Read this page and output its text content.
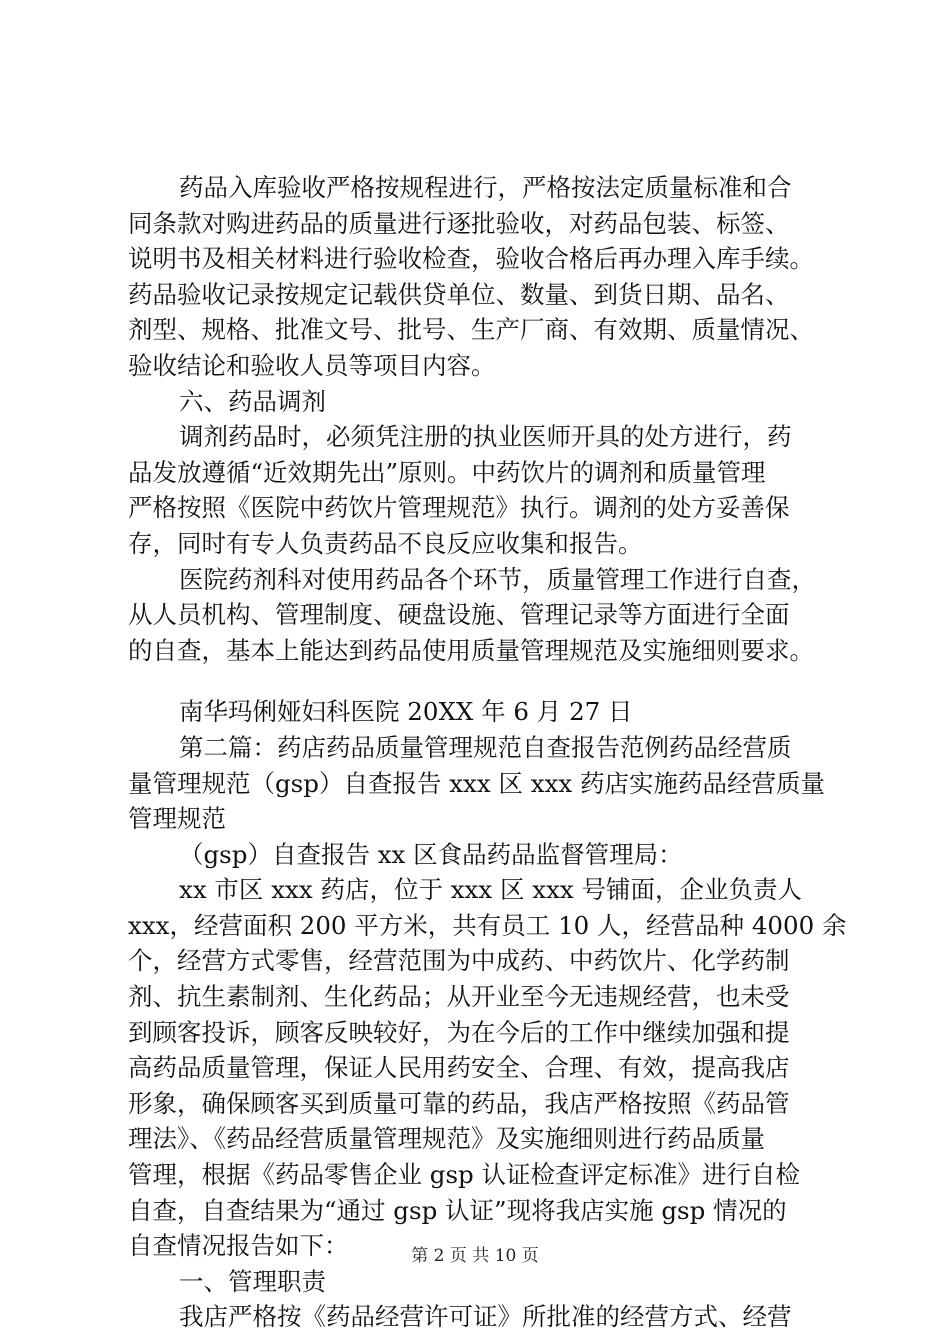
药品入库验收严格按规程进行，严格按法定质量标准和合
同条款对购进药品的质量进行逐批验收，对药品包装、标签、
说明书及相关材料进行验收检查，验收合格后再办理入库手续。
药品验收记录按规定记载供贷单位、数量、到货日期、品名、
剂型、规格、批准文号、批号、生产厂商、有效期、质量情况、
验收结论和验收人员等项目内容。
六、药品调剂
调剂药品时，必须凭注册的执业医师开具的处方进行，药
品发放遵循“近效期先出”原则。中药饮片的调剂和质量管理
严格按照《医院中药饮片管理规范》执行。调剂的处方妥善保
存，同时有专人负责药品不良反应收集和报告。
医院药剂科对使用药品各个环节，质量管理工作进行自查，
从人员机构、管理制度、硬盘设施、管理记录等方面进行全面
的自查，基本上能达到药品使用质量管理规范及实施细则要求。
南华玛俐娅妇科医院 20XX 年 6 月 27 日
第二篇：药店药品质量管理规范自查报告范例药品经营质
量管理规范（gsp）自查报告 xxx 区 xxx 药店实施药品经营质量
管理规范
（gsp）自查报告 xx 区食品药品监督管理局：
xx 市区 xxx 药店，位于 xxx 区 xxx 号铺面，企业负责人
xxx，经营面积 200 平方米，共有员工 10 人，经营品种 4000 余
个，经营方式零售，经营范围为中成药、中药饮片、化学药制
剂、抗生素制剂、生化药品；从开业至今无违规经营，也未受
到顾客投诉，顾客反映较好，为在今后的工作中继续加强和提
高药品质量管理，保证人民用药安全、合理、有效，提高我店
形象，确保顾客买到质量可靠的药品，我店严格按照《药品管
理法》、《药品经营质量管理规范》及实施细则进行药品质量
管理，根据《药品零售企业 gsp 认证检查评定标准》进行自检
自查，自查结果为“通过 gsp 认证”现将我店实施 gsp 情况的
自查情况报告如下：
一、管理职责
我店严格按《药品经营许可证》所批准的经营方式、经营
第 2 页 共 10 页
